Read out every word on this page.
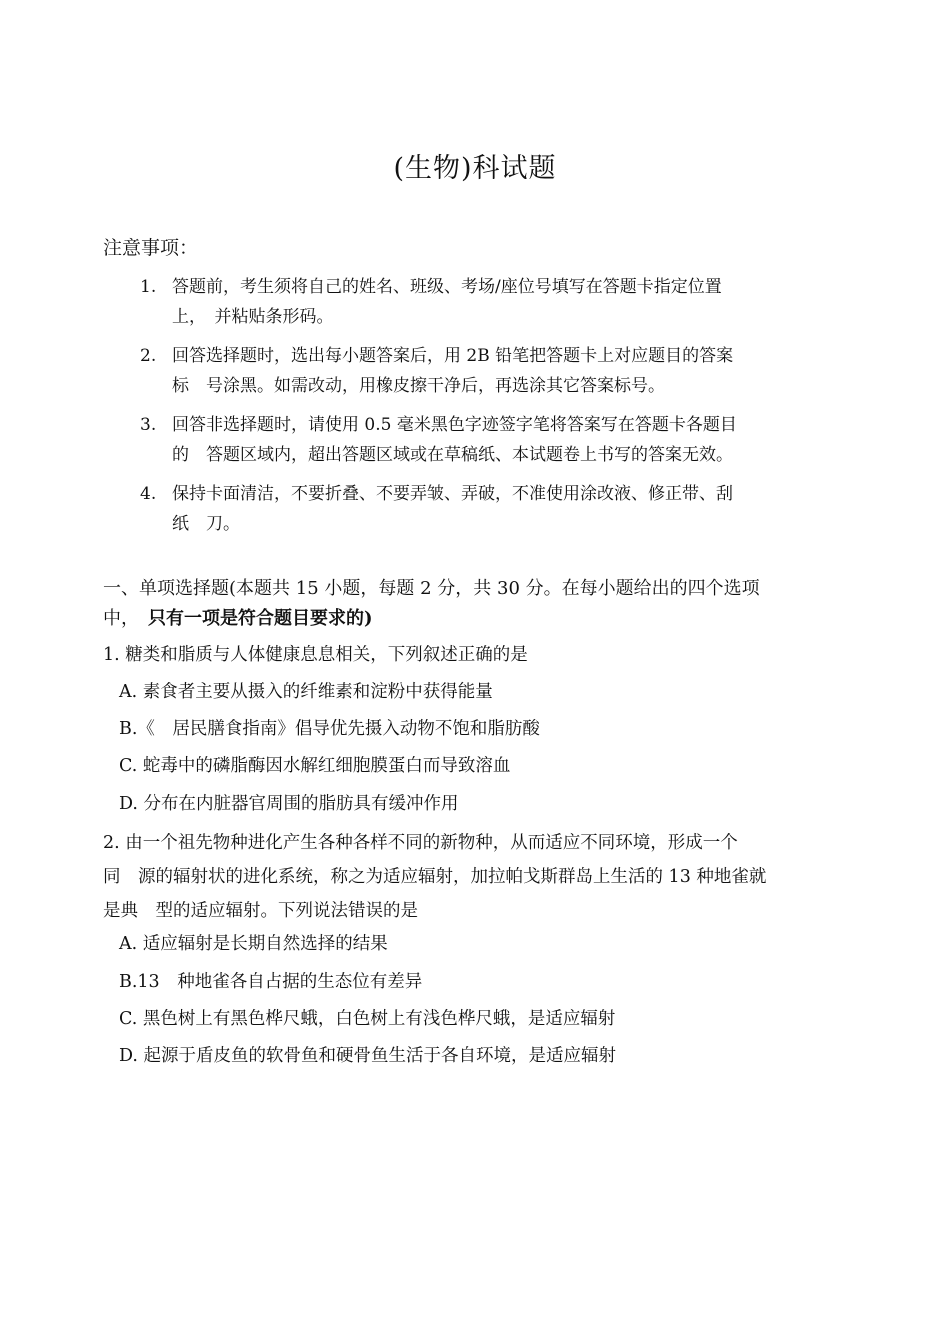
(生物)科试题
注意事项：
1. 答题前，考生须将自己的姓名、班级、考场/座位号填写在答题卡指定位置
上，　并粘贴条形码。
2. 回答选择题时，选出每小题答案后，用 2B 铅笔把答题卡上对应题目的答案
标　号涂黑。如需改动，用橡皮擦干净后，再选涂其它答案标号。
3. 回答非选择题时，请使用 0.5 毫米黑色字迹签字笔将答案写在答题卡各题目
的　答题区域内，超出答题区域或在草稿纸、本试题卷上书写的答案无效。
4. 保持卡面清洁，不要折叠、不要弄皱、弄破，不准使用涂改液、修正带、刮
纸　刀。
一、单项选择题(本题共 15 小题，每题 2 分，共 30 分。在每小题给出的四个选项
中，　只有一项是符合题目要求的)
1. 糖类和脂质与人体健康息息相关，下列叙述正确的是
A. 素食者主要从摄入的纤维素和淀粉中获得能量
B.《　居民膳食指南》倡导优先摄入动物不饱和脂肪酸
C. 蛇毒中的磷脂酶因水解红细胞膜蛋白而导致溶血
D. 分布在内脏器官周围的脂肪具有缓冲作用
2. 由一个祖先物种进化产生各种各样不同的新物种，从而适应不同环境，形成一个
同　源的辐射状的进化系统，称之为适应辐射，加拉帕戈斯群岛上生活的 13 种地雀就
是典　型的适应辐射。下列说法错误的是
A. 适应辐射是长期自然选择的结果
B.13　种地雀各自占据的生态位有差异
C. 黑色树上有黑色桦尺蛾，白色树上有浅色桦尺蛾，是适应辐射
D. 起源于盾皮鱼的软骨鱼和硬骨鱼生活于各自环境，是适应辐射
